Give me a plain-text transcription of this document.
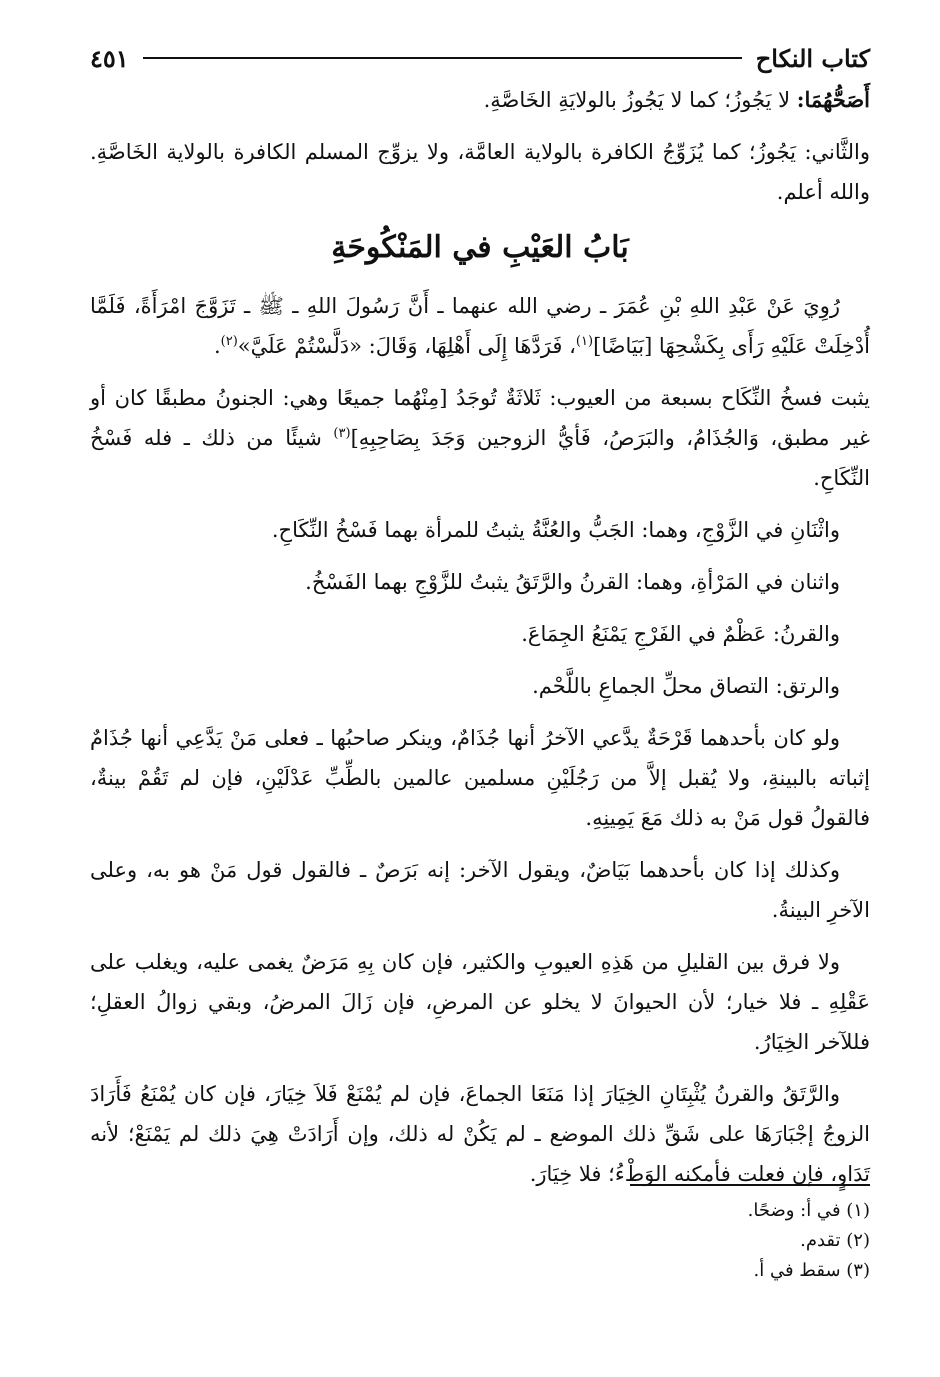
كتاب النكاح
٤٥١

أَصَحُّهُمَا: لا يَجُوزُ؛ كما لا يَجُوزُ بالولايَةِ الخَاصَّةِ.

والثَّاني: يَجُوزُ؛ كما يُزَوِّجُ الكافرة بالولاية العامَّة، ولا يزوِّج المسلم الكافرة بالولاية الخَاصَّةِ. والله أعلم.

بَابُ العَيْبِ في المَنْكُوحَةِ

رُوِيَ عَنْ عَبْدِ اللهِ بْنِ عُمَرَ ـ رضي الله عنهما ـ أَنَّ رَسُولَ اللهِ ـ ﷺ ـ تَزَوَّجَ امْرَأَةً، فَلَمَّا أُدْخِلَتْ عَلَيْهِ رَأَى بِكَشْحِهَا [بَيَاضًا]$^{(١)}$، فَرَدَّهَا إِلَى أَهْلِهَا، وَقَالَ: «دَلَّسْتُمْ عَلَيَّ»$^{(٢)}$.

يثبت فسخُ النِّكَاح بسبعة من العيوب: ثَلاثَةٌ تُوجَدُ [مِنْهُما جميعًا وهي: الجنونُ مطبقًا كان أو غير مطبق، وَالجُذَامُ، والبَرَصُ، فَأيُّ الزوجين وَجَدَ بِصَاحِبِهِ]$^{(٣)}$ شيئًا من ذلك ـ فله فَسْخُ النِّكَاحِ.

واثْنَانِ في الزَّوْجِ، وهما: الجَبُّ والعُنَّةُ يثبتُ للمرأة بهما فَسْخُ النِّكَاحِ.

واثنان في المَرْأةِ، وهما: القرنُ والرَّتَقُ يثبتُ للزَّوْجِ بهما الفَسْخُ.

والقرنُ: عَظْمٌ في الفَرْجِ يَمْنَعُ الجِمَاعَ.

والرتق: التصاق محلِّ الجماعِ باللَّحْم.

ولو كان بأحدهما قَرْحَةٌ يدَّعي الآخرُ أنها جُذَامٌ، وينكر صاحبُها ـ فعلى مَنْ يَدَّعِي أنها جُذَامٌ إثباته بالبينةِ، ولا يُقبل إلاَّ من رَجُلَيْنِ مسلمين عالمين بالطِّبِّ عَدْلَيْنِ، فإن لم تَقُمْ بينةٌ، فالقولُ قول مَنْ به ذلك مَعَ يَمِينِهِ.

وكذلك إذا كان بأحدهما بَيَاضٌ، ويقول الآخر: إنه بَرَصٌ ـ فالقول قول مَنْ هو به، وعلى الآخرِ البينةُ.

ولا فرق بين القليلِ من هَذِهِ العيوبِ والكثير، فإن كان بِهِ مَرَضٌ يغمى عليه، ويغلب على عَقْلِهِ ـ فلا خيار؛ لأن الحيوانَ لا يخلو عن المرضِ، فإن زَالَ المرضُ، وبقي زوالُ العقلِ؛ فللآخر الخِيَارُ.

والرَّتَقُ والقرنُ يُثْبِتَانِ الخِيَارَ إذا مَنَعَا الجماعَ، فإن لم يُمْنَعْ فَلاَ خِيَارَ، فإن كان يُمْنَعُ فَأَرَادَ الزوجُ إجْبَارَهَا على شَقِّ ذلك الموضع ـ لم يَكُنْ له ذلك، وإن أَرَادَتْ هِيَ ذلك لم يَمْنَعْ؛ لأنه تَدَاوٍ، فإن فعلت فأمكنه الوَطْءُ؛ فلا خِيَارَ.

(١) في أ: وضحًا.
(٢) تقدم.
(٣) سقط في أ.
